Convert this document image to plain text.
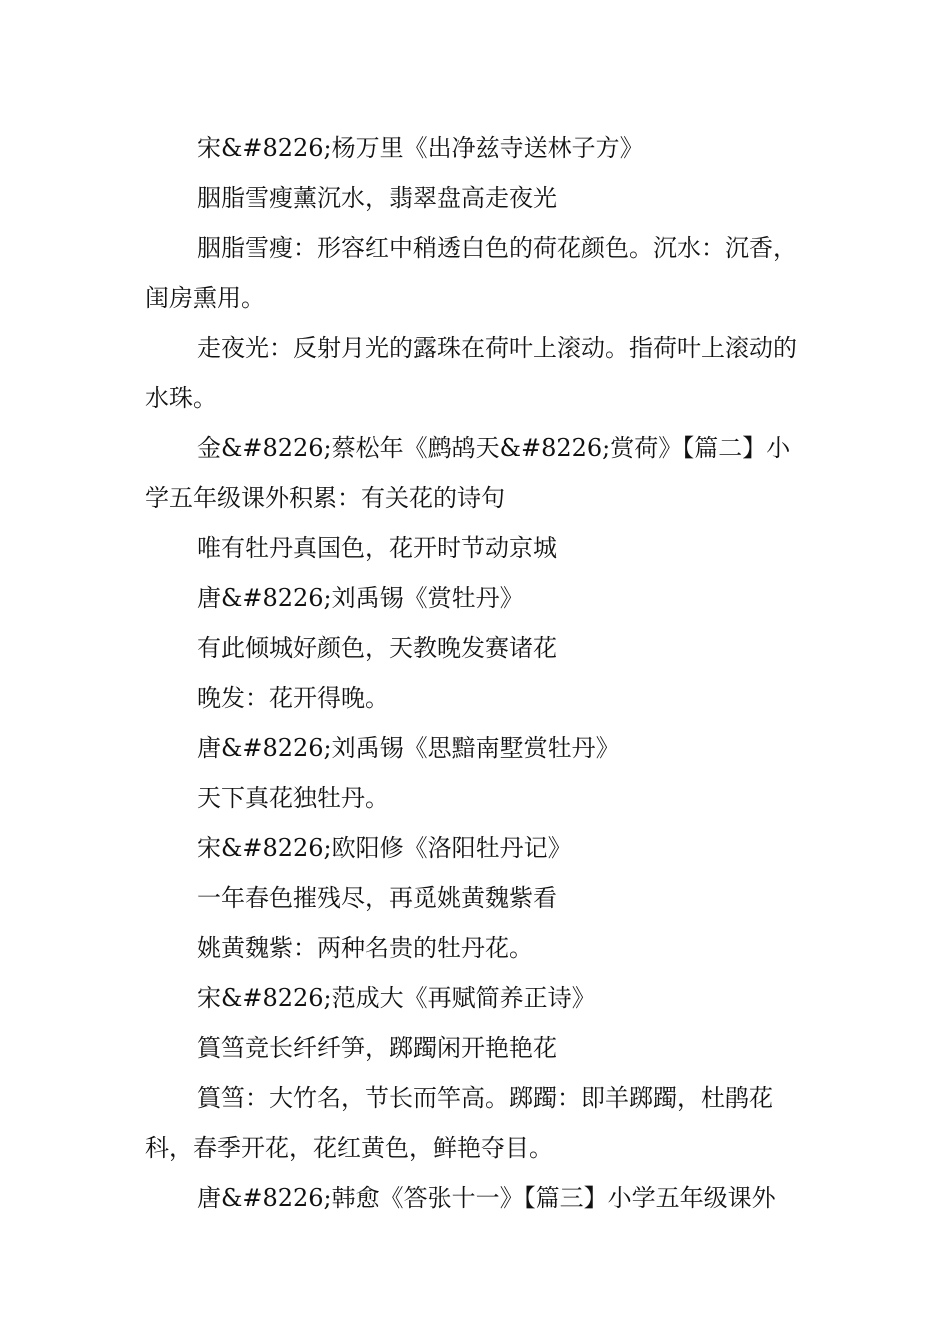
宋&#8226;杨万里《出净兹寺送林子方》

胭脂雪瘦薰沉水，翡翠盘高走夜光

胭脂雪瘦：形容红中稍透白色的荷花颜色。沉水：沉香，闺房熏用。

走夜光：反射月光的露珠在荷叶上滚动。指荷叶上滚动的水珠。

金&#8226;蔡松年《鹧鸪天&#8226;赏荷》【篇二】小学五年级课外积累：有关花的诗句

唯有牡丹真国色，花开时节动京城

唐&#8226;刘禹锡《赏牡丹》

有此倾城好颜色，天教晚发赛诸花

晚发：花开得晚。

唐&#8226;刘禹锡《思黯南墅赏牡丹》

天下真花独牡丹。

宋&#8226;欧阳修《洛阳牡丹记》

一年春色摧残尽，再觅姚黄魏紫看

姚黄魏紫：两种名贵的牡丹花。

宋&#8226;范成大《再赋简养正诗》

篔筜竞长纤纤笋，踯躅闲开艳艳花

篔筜：大竹名，节长而竿高。踯躅：即羊踯躅，杜鹃花科，春季开花，花红黄色，鲜艳夺目。

唐&#8226;韩愈《答张十一》【篇三】小学五年级课外
